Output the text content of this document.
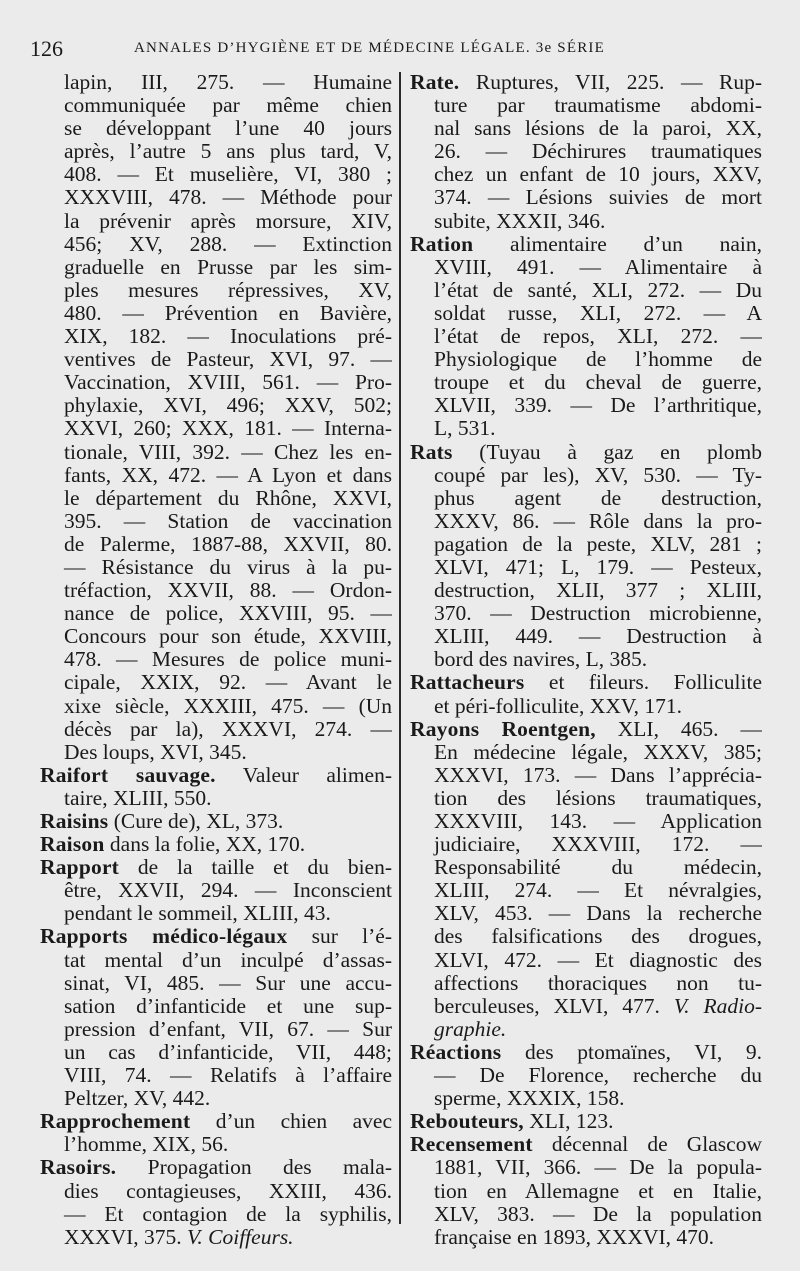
126	ANNALES D’HYGIÈNE ET DE MÉDECINE LÉGALE. 3e SÉRIE
lapin, III, 275. — Humaine
communiquée par même chien
se développant l’une 40 jours
après, l’autre 5 ans plus tard, V,
408. — Et muselière, VI, 380 ;
XXXVIII, 478. — Méthode pour
la prévenir après morsure, XIV,
456; XV, 288. — Extinction
graduelle en Prusse par les sim-
ples mesures répressives, XV,
480. — Prévention en Bavière,
XIX, 182. — Inoculations pré-
ventives de Pasteur, XVI, 97. —
Vaccination, XVIII, 561. — Pro-
phylaxie, XVI, 496; XXV, 502;
XXVI, 260; XXX, 181. — Interna-
tionale, VIII, 392. — Chez les en-
fants, XX, 472. — A Lyon et dans
le département du Rhône, XXVI,
395. — Station de vaccination
de Palerme, 1887-88, XXVII, 80.
— Résistance du virus à la pu-
tréfaction, XXVII, 88. — Ordon-
nance de police, XXVIII, 95. —
Concours pour son étude, XXVIII,
478. — Mesures de police muni-
cipale, XXIX, 92. — Avant le
xixe siècle, XXXIII, 475. — (Un
décès par la), XXXVI, 274. —
Des loups, XVI, 345.
Raifort sauvage. Valeur alimen-
taire, XLIII, 550.
Raisins (Cure de), XL, 373.
Raison dans la folie, XX, 170.
Rapport de la taille et du bien-
être, XXVII, 294. — Inconscient
pendant le sommeil, XLIII, 43.
Rapports médico-légaux sur l’é-
tat mental d’un inculpé d’assas-
sinat, VI, 485. — Sur une accu-
sation d’infanticide et une sup-
pression d’enfant, VII, 67. — Sur
un cas d’infanticide, VII, 448;
VIII, 74. — Relatifs à l’affaire
Peltzer, XV, 442.
Rapprochement d’un chien avec
l’homme, XIX, 56.
Rasoirs. Propagation des mala-
dies contagieuses, XXIII, 436.
— Et contagion de la syphilis,
XXXVI, 375. V. Coiffeurs.
Rate. Ruptures, VII, 225. — Rup-
ture par traumatisme abdomi-
nal sans lésions de la paroi, XX,
26. — Déchirures traumatiques
chez un enfant de 10 jours, XXV,
374. — Lésions suivies de mort
subite, XXXII, 346.
Ration alimentaire d’un nain,
XVIII, 491. — Alimentaire à
l’état de santé, XLI, 272. — Du
soldat russe, XLI, 272. — A
l’état de repos, XLI, 272. —
Physiologique de l’homme de
troupe et du cheval de guerre,
XLVII, 339. — De l’arthritique,
L, 531.
Rats (Tuyau à gaz en plomb
coupé par les), XV, 530. — Ty-
phus agent de destruction,
XXXV, 86. — Rôle dans la pro-
pagation de la peste, XLV, 281 ;
XLVI, 471; L, 179. — Pesteux,
destruction, XLII, 377 ; XLIII,
370. — Destruction microbienne,
XLIII, 449. — Destruction à
bord des navires, L, 385.
Rattacheurs et fileurs. Folliculite
et péri-folliculite, XXV, 171.
Rayons Roentgen, XLI, 465. —
En médecine légale, XXXV, 385;
XXXVI, 173. — Dans l’apprécia-
tion des lésions traumatiques,
XXXVIII, 143. — Application
judiciaire, XXXVIII, 172. —
Responsabilité du médecin,
XLIII, 274. — Et névralgies,
XLV, 453. — Dans la recherche
des falsifications des drogues,
XLVI, 472. — Et diagnostic des
affections thoraciques non tu-
berculeuses, XLVI, 477. V. Radio-
graphie.
Réactions des ptomaïnes, VI, 9.
— De Florence, recherche du
sperme, XXXIX, 158.
Rebouteurs, XLI, 123.
Recensement décennal de Glascow
1881, VII, 366. — De la popula-
tion en Allemagne et en Italie,
XLV, 383. — De la population
française en 1893, XXXVI, 470.
